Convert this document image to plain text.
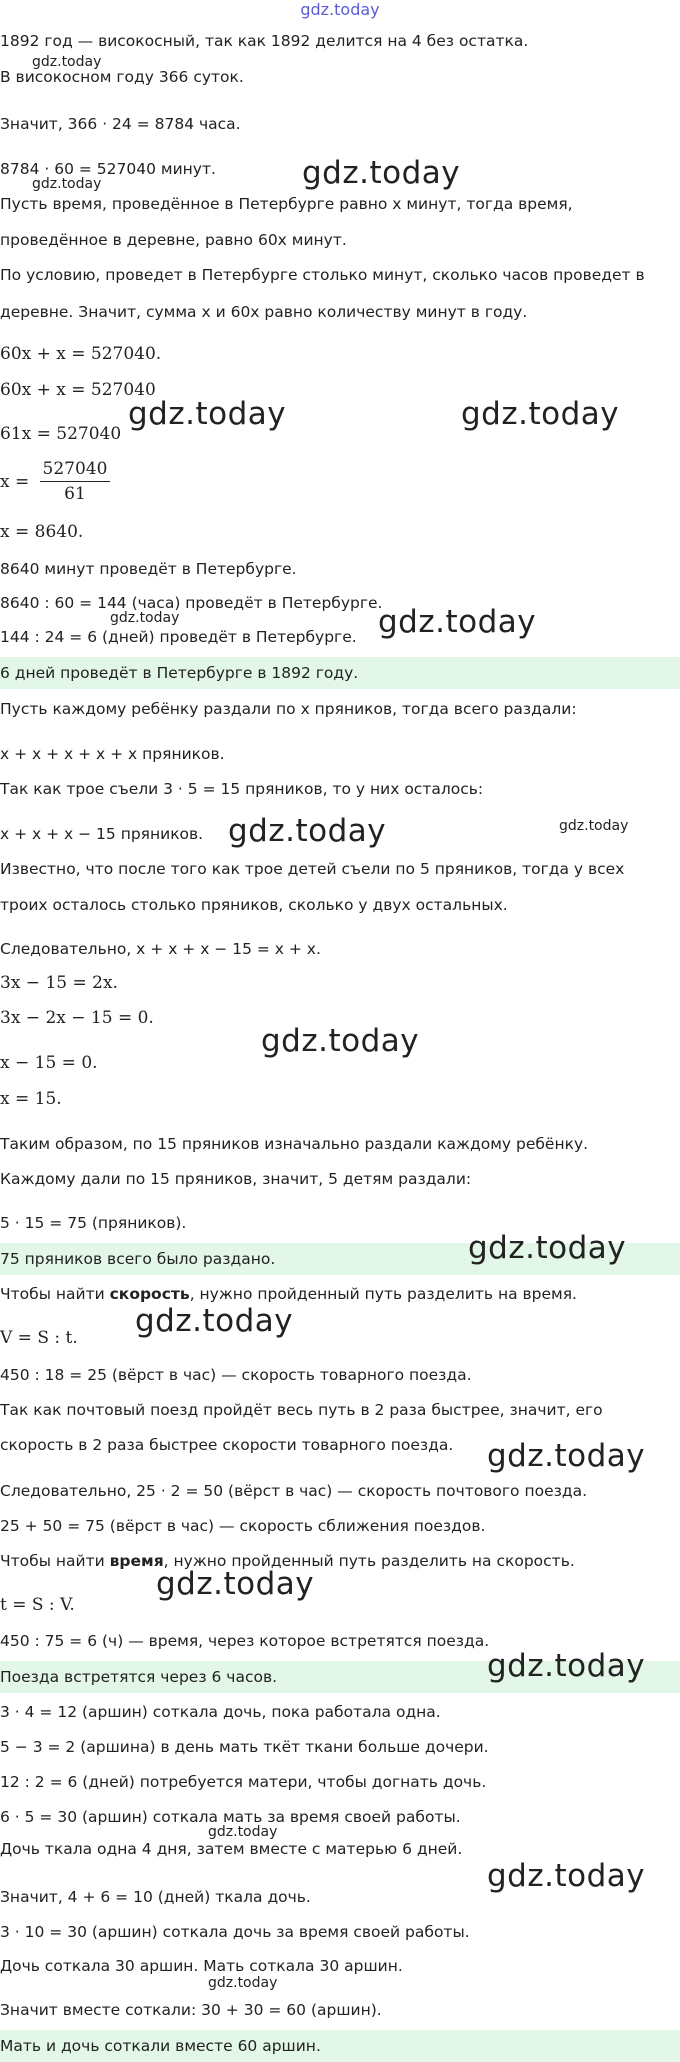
gdz.today
1892 год — високосный, так как 1892 делится на 4 без остатка.
В високосном году 366 суток.
Значит, 366 · 24 = 8784 часа.
8784 · 60 = 527040 минут.
Пусть время, проведённое в Петербурге равно x минут, тогда время,
проведённое в деревне, равно 60x минут.
По условию, проведет в Петербурге столько минут, сколько часов проведет в
деревне. Значит, сумма x и 60x равно количеству минут в году.
60x + x = 527040.
60x + x = 527040
61x = 527040
x =
527040
61
x = 8640.
8640 минут проведёт в Петербурге.
8640 : 60 = 144 (часа) проведёт в Петербурге.
144 : 24 = 6 (дней) проведёт в Петербурге.
6 дней проведёт в Петербурге в 1892 году.
Пусть каждому ребёнку раздали по x пряников, тогда всего раздали:
x + x + x + x + x пряников.
Так как трое съели 3 · 5 = 15 пряников, то у них осталось:
x + x + x − 15 пряников.
Известно, что после того как трое детей съели по 5 пряников, тогда у всех
троих осталось столько пряников, сколько у двух остальных.
Следовательно, x + x + x − 15 = x + x.
3x − 15 = 2x.
3x − 2x − 15 = 0.
x − 15 = 0.
x = 15.
Таким образом, по 15 пряников изначально раздали каждому ребёнку.
Каждому дали по 15 пряников, значит, 5 детям раздали:
5 · 15 = 75 (пряников).
75 пряников всего было раздано.
Чтобы найти скорость, нужно пройденный путь разделить на время.
V = S : t.
450 : 18 = 25 (вёрст в час) — скорость товарного поезда.
Так как почтовый поезд пройдёт весь путь в 2 раза быстрее, значит, его
скорость в 2 раза быстрее скорости товарного поезда.
Следовательно, 25 · 2 = 50 (вёрст в час) — скорость почтового поезда.
25 + 50 = 75 (вёрст в час) — скорость сближения поездов.
Чтобы найти время, нужно пройденный путь разделить на скорость.
t = S : V.
450 : 75 = 6 (ч) — время, через которое встретятся поезда.
Поезда встретятся через 6 часов.
3 · 4 = 12 (аршин) соткала дочь, пока работала одна.
5 − 3 = 2 (аршина) в день мать ткёт ткани больше дочери.
12 : 2 = 6 (дней) потребуется матери, чтобы догнать дочь.
6 · 5 = 30 (аршин) соткала мать за время своей работы.
Дочь ткала одна 4 дня, затем вместе с матерью 6 дней.
Значит, 4 + 6 = 10 (дней) ткала дочь.
3 · 10 = 30 (аршин) соткала дочь за время своей работы.
Дочь соткала 30 аршин. Мать соткала 30 аршин.
Значит вместе соткали: 30 + 30 = 60 (аршин).
Мать и дочь соткали вместе 60 аршин.
gdz.today
gdz.today	gdz.today
gdz.today	gdz.today
gdz.today	gdz.today
gdz.today	gdz.today
gdz.today
gdz.today
gdz.today
gdz.today
gdz.today
gdz.today
gdz.today
gdz.today
gdz.today
